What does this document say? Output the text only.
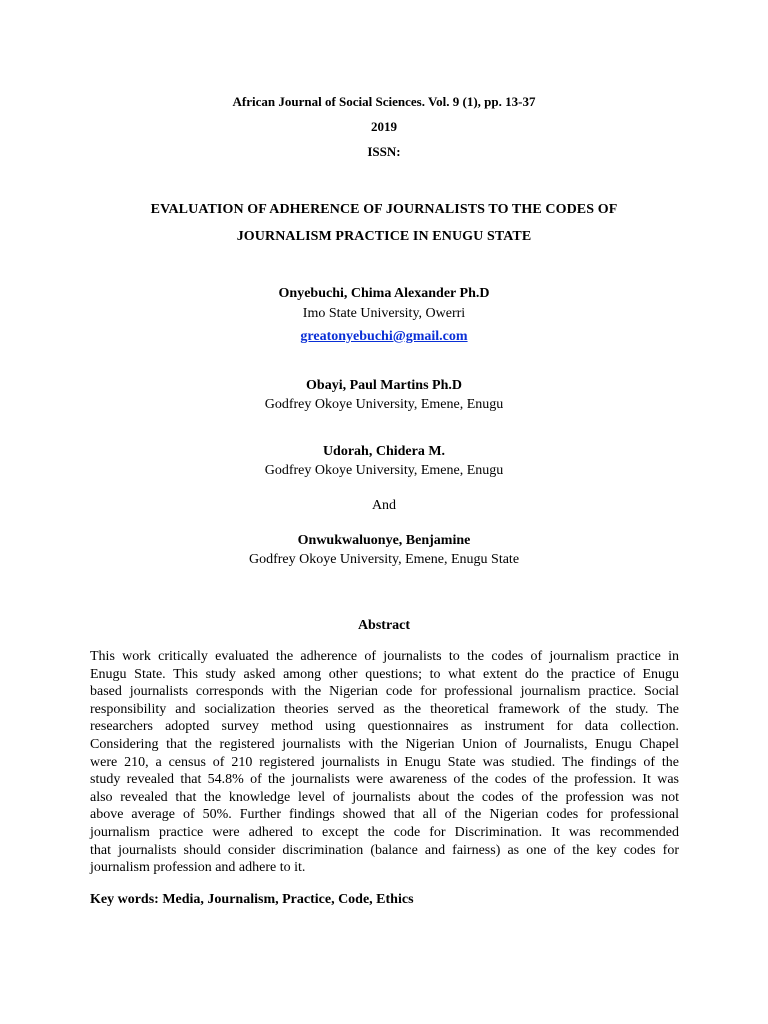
African Journal of Social Sciences. Vol. 9 (1), pp. 13-37
2019
ISSN:
EVALUATION OF ADHERENCE OF JOURNALISTS TO THE CODES OF
JOURNALISM PRACTICE IN ENUGU STATE
Onyebuchi, Chima Alexander Ph.D
Imo State University, Owerri
greatonyebuchi@gmail.com
Obayi, Paul Martins Ph.D
Godfrey Okoye University, Emene, Enugu
Udorah, Chidera M.
Godfrey Okoye University, Emene, Enugu
And
Onwukwaluonye, Benjamine
Godfrey Okoye University, Emene, Enugu State
Abstract
This work critically evaluated the adherence of journalists to the codes of journalism practice in
Enugu State. This study asked among other questions; to what extent do the practice of Enugu
based journalists corresponds with the Nigerian code for professional journalism practice. Social
responsibility and socialization theories served as the theoretical framework of the study. The
researchers adopted survey method using questionnaires as instrument for data collection.
Considering that the registered journalists with the Nigerian Union of Journalists, Enugu Chapel
were 210, a census of 210 registered journalists in Enugu State was studied. The findings of the
study revealed that 54.8% of the journalists were awareness of the codes of the profession. It was
also revealed that the knowledge level of journalists about the codes of the profession was not
above average of 50%. Further findings showed that all of the Nigerian codes for professional
journalism practice were adhered to except the code for Discrimination. It was recommended
that journalists should consider discrimination (balance and fairness) as one of the key codes for
journalism profession and adhere to it.
Key words: Media, Journalism, Practice, Code, Ethics
